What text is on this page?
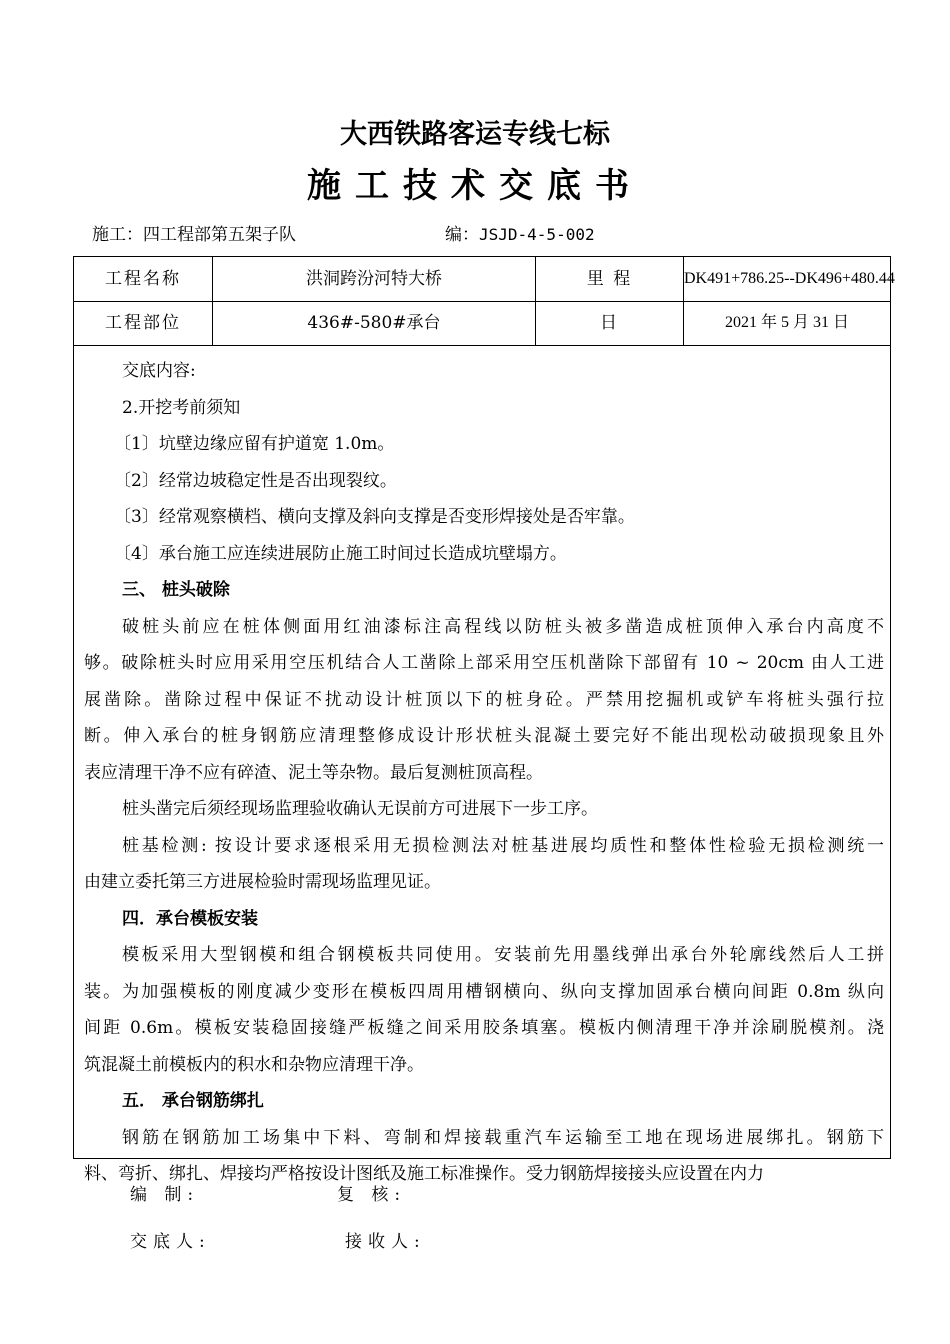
大西铁路客运专线七标
施工技术交底书
施工：四工程部第五架子队	编：JSJD-4-5-002
工程名称	洪洞跨汾河特大桥	里 程	DK491+786.25--DK496+480.44
工程部位	436#-580#承台	日	2021 年 5 月 31 日
交底内容:
2.开挖考前须知
〔1〕坑壁边缘应留有护道宽 1.0m。
〔2〕经常边坡稳定性是否出现裂纹。
〔3〕经常观察横档、横向支撑及斜向支撑是否变形焊接处是否牢靠。
〔4〕承台施工应连续进展防止施工时间过长造成坑壁塌方。
三、 桩头破除
破桩头前应在桩体侧面用红油漆标注高程线以防桩头被多凿造成桩顶伸入承台内高度不
够。破除桩头时应用采用空压机结合人工凿除上部采用空压机凿除下部留有 10 ~ 20cm 由人工进
展凿除。凿除过程中保证不扰动设计桩顶以下的桩身砼。严禁用挖掘机或铲车将桩头强行拉
断。伸入承台的桩身钢筋应清理整修成设计形状桩头混凝土要完好不能出现松动破损现象且外
表应清理干净不应有碎渣、泥土等杂物。最后复测桩顶高程。
桩头凿完后须经现场监理验收确认无误前方可进展下一步工序。
桩基检测: 按设计要求逐根采用无损检测法对桩基进展均质性和整体性检验无损检测统一
由建立委托第三方进展检验时需现场监理见证。
四．承台模板安装
模板采用大型钢模和组合钢模板共同使用。安装前先用墨线弹出承台外轮廓线然后人工拼
装。为加强模板的刚度减少变形在模板四周用槽钢横向、纵向支撑加固承台横向间距 0.8m 纵向
间距 0.6m。模板安装稳固接缝严板缝之间采用胶条填塞。模板内侧清理干净并涂刷脱模剂。浇
筑混凝土前模板内的积水和杂物应清理干净。
五． 承台钢筋绑扎
钢筋在钢筋加工场集中下料、弯制和焊接载重汽车运输至工地在现场进展绑扎。钢筋下
料、弯折、绑扎、焊接均严格按设计图纸及施工标准操作。受力钢筋焊接接头应设置在内力
编 制:	复 核:
交底人:	接收人:
